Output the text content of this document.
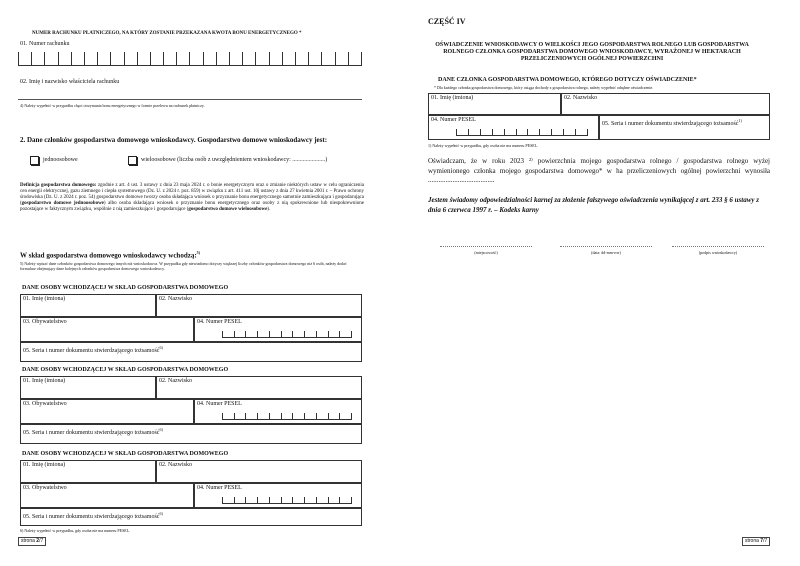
NUMER RACHUNKU PŁATNICZEGO, NA KTÓRY ZOSTANIE PRZEKAZANA KWOTA BONU ENERGETYCZNEGO *
01. Numer rachunku
02. Imię i nazwisko właściciela rachunku
4) Należy wypełnić w przypadku chęci otrzymania bonu energetycznego w formie przelewu na rachunek płatniczy.
2. Dane członków gospodarstwa domowego wnioskodawcy. Gospodarstwo domowe wnioskodawcy jest:
jednoosobowe	wieloosobowe (liczba osób z uwzględnieniem wnioskodawcy: ......................)
Definicja gospodarstwa domowego: zgodnie z art. 4 ust. 3 ustawy z dnia 23 maja 2024 r. o bonie energetycznym oraz o zmianie niektórych ustaw w celu ograniczenia cen energii elektrycznej, gazu ziemnego i ciepła systemowego (Dz. U. z 2024 r. poz. 859) w związku z art. 411 ust. 10j ustawy z dnia 27 kwietnia 2001 r. – Prawo ochrony środowiska (Dz. U. z 2024 r. poz. 54) gospodarstwo domowe tworzy osoba składająca wniosek o przyznanie bonu energetycznego samotnie zamieszkująca i gospodarująca (gospodarstwo domowe jednoosobowe) albo osoba składająca wniosek o przyznanie bonu energetycznego oraz osoby z nią spokrewnione lub niespokrewnione pozostające w faktycznym związku, wspólnie z nią zamieszkujące i gospodarujące (gospodarstwo domowe wieloosobowe).
W skład gospodarstwa domowego wnioskodawcy wchodzą:$^{5)}$
5) Należy wpisać dane członków gospodarstwa domowego innych niż wnioskodawca. W przypadku gdy niewiadomo dotyczy większej liczby członków gospodarstwa domowego niż 6 osób, należy dodać formularz obejmujący dane kolejnych członków gospodarstwa domowego wnioskodawcy.
DANE OSOBY WCHODZĄCEJ W SKŁAD GOSPODARSTWA DOMOWEGO
01. Imię (imiona)	02. Nazwisko
03. Obywatelstwo	04. Numer PESEL
05. Seria i numer dokumentu stwierdzającego tożsamość$^{6)}$
DANE OSOBY WCHODZĄCEJ W SKŁAD GOSPODARSTWA DOMOWEGO
01. Imię (imiona)	02. Nazwisko
03. Obywatelstwo	04. Numer PESEL
05. Seria i numer dokumentu stwierdzającego tożsamość$^{6)}$
DANE OSOBY WCHODZĄCEJ W SKŁAD GOSPODARSTWA DOMOWEGO
01. Imię (imiona)	02. Nazwisko
03. Obywatelstwo	04. Numer PESEL
05. Seria i numer dokumentu stwierdzającego tożsamość$^{6)}$
6) Należy wypełnić w przypadku, gdy osoba nie ma numeru PESEL.
strona 2/7
CZĘŚĆ IV
OŚWIADCZENIE WNIOSKODAWCY O WIELKOŚCI JEGO GOSPODARSTWA ROLNEGO LUB GOSPODARSTWA ROLNEGO CZŁONKA GOSPODARSTWA DOMOWEGO WNIOSKODAWCY, WYRAŻONEJ W HEKTARACH PRZELICZENIOWYCH OGÓLNEJ POWIERZCHNI
DANE CZŁONKA GOSPODARSTWA DOMOWEGO, KTÓREGO DOTYCZY OŚWIADCZENIE*
* Dla każdego członka gospodarstwa domowego, który osiąga dochody z gospodarstwa rolnego, należy wypełnić odrębne oświadczenie.
01. Imię (imiona)	02. Nazwisko
04. Numer PESEL
05. Seria i numer dokumentu stwierdzającego tożsamość$^{1)}$
1) Należy wypełnić w przypadku, gdy osoba nie ma numeru PESEL.
Oświadczam, że w roku 2023 ²⁾ powierzchnia mojego gospodarstwa rolnego / gospodarstwa rolnego wyżej wymienionego członka mojego gospodarstwa domowego* w ha przeliczeniowych ogólnej powierzchni wynosiła ......................................
Jestem świadomy odpowiedzialności karnej za złożenie fałszywego oświadczenia wynikającej z art. 233 § 6 ustawy z dnia 6 czerwca 1997 r. – Kodeks karny
(miejscowość)	(data: dd-mm-rrrr)	(podpis wnioskodawcy)
strona 7/7
